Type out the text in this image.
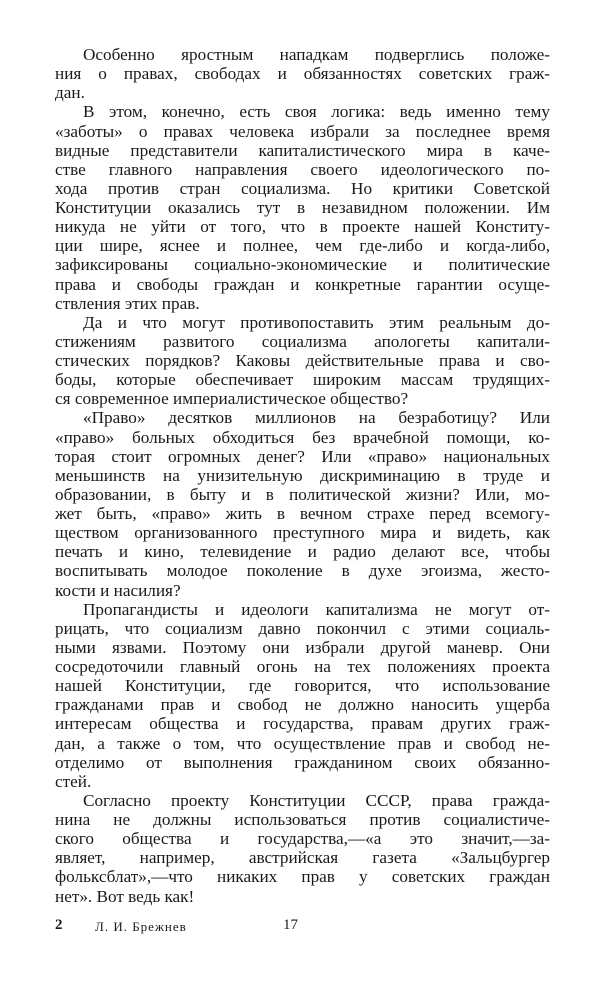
Особенно яростным нападкам подверглись положе-
ния о правах, свободах и обязанностях советских граж-
дан.
В этом, конечно, есть своя логика: ведь именно тему
«заботы» о правах человека избрали за последнее время
видные представители капиталистического мира в каче-
стве главного направления своего идеологического по-
хода против стран социализма. Но критики Советской
Конституции оказались тут в незавидном положении. Им
никуда не уйти от того, что в проекте нашей Конститу-
ции шире, яснее и полнее, чем где-либо и когда-либо,
зафиксированы социально-экономические и политические
права и свободы граждан и конкретные гарантии осуще-
ствления этих прав.
Да и что могут противопоставить этим реальным до-
стижениям развитого социализма апологеты капитали-
стических порядков? Каковы действительные права и сво-
боды, которые обеспечивает широким массам трудящих-
ся современное империалистическое общество?
«Право» десятков миллионов на безработицу? Или
«право» больных обходиться без врачебной помощи, ко-
торая стоит огромных денег? Или «право» национальных
меньшинств на унизительную дискриминацию в труде и
образовании, в быту и в политической жизни? Или, мо-
жет быть, «право» жить в вечном страхе перед всемогу-
ществом организованного преступного мира и видеть, как
печать и кино, телевидение и радио делают все, чтобы
воспитывать молодое поколение в духе эгоизма, жесто-
кости и насилия?
Пропагандисты и идеологи капитализма не могут от-
рицать, что социализм давно покончил с этими социаль-
ными язвами. Поэтому они избрали другой маневр. Они
сосредоточили главный огонь на тех положениях проекта
нашей Конституции, где говорится, что использование
гражданами прав и свобод не должно наносить ущерба
интересам общества и государства, правам других граж-
дан, а также о том, что осуществление прав и свобод не-
отделимо от выполнения гражданином своих обязанно-
стей.
Согласно проекту Конституции СССР, права гражда-
нина не должны использоваться против социалистиче-
ского общества и государства,—«а это значит,—за-
являет, например, австрийская газета «Зальцбургер
фольксблат»,—что никаких прав у советских граждан
нет». Вот ведь как!
2	Л. И. Брежнев	17
